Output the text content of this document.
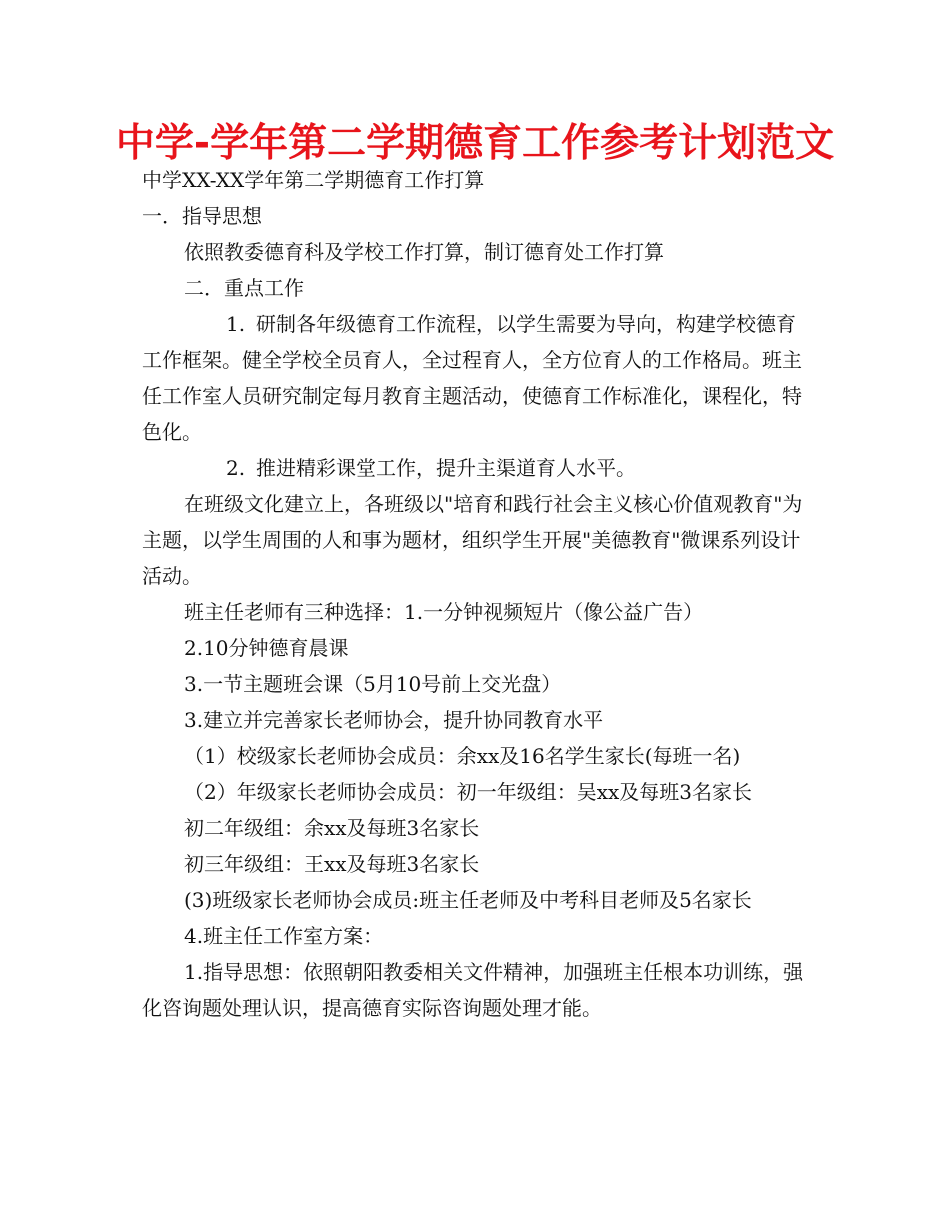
中学-学年第二学期德育工作参考计划范文

中学XX-XX学年第二学期德育工作打算

一．指导思想

依照教委德育科及学校工作打算，制订德育处工作打算

二．重点工作

1. 研制各年级德育工作流程，以学生需要为导向，构建学校德育工作框架。健全学校全员育人，全过程育人，全方位育人的工作格局。班主任工作室人员研究制定每月教育主题活动，使德育工作标准化，课程化，特色化。

2. 推进精彩课堂工作，提升主渠道育人水平。

在班级文化建立上，各班级以"培育和践行社会主义核心价值观教育"为主题，以学生周围的人和事为题材，组织学生开展"美德教育"微课系列设计活动。

班主任老师有三种选择：1.一分钟视频短片（像公益广告）

2.10分钟德育晨课

3.一节主题班会课（5月10号前上交光盘）

3.建立并完善家长老师协会，提升协同教育水平

（1）校级家长老师协会成员：余xx及16名学生家长(每班一名)

（2）年级家长老师协会成员：初一年级组：吴xx及每班3名家长

初二年级组：余xx及每班3名家长

初三年级组：王xx及每班3名家长

(3)班级家长老师协会成员:班主任老师及中考科目老师及5名家长

4.班主任工作室方案：

1.指导思想：依照朝阳教委相关文件精神，加强班主任根本功训练，强化咨询题处理认识，提高德育实际咨询题处理才能。
